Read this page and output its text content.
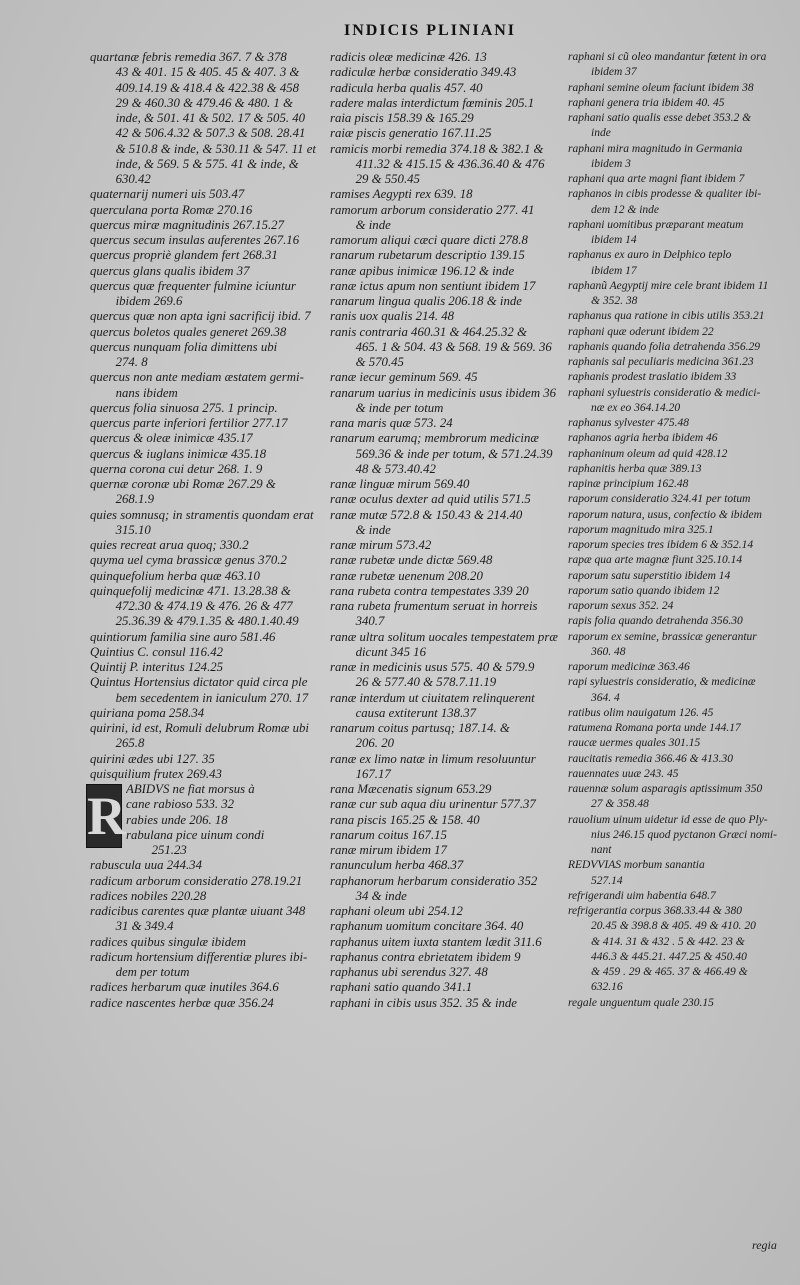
INDICIS PLINIANI
quartanæ febris remedia 367. 7 & 378
  43 & 401. 15 & 405. 45 & 407. 3 &
  409.14.19 & 418.4 & 422.38 & 458
  29 & 460.30 & 479.46 & 480. 1 &
  inde, & 501. 41 & 502. 17 & 505. 40
  42 & 506.4.32 & 507.3 & 508. 28.41
  & 510.8 & inde, & 530.11 & 547. 11 et
  inde, & 569. 5 & 575. 41 & inde, &
  630.42
quaternarij numeri uis 503.47
querculana porta Romæ 270.16
quercus miræ magnitudinis 267.15.27
quercus secum insulas auferentes 267.16
quercus propriè glandem fert 268.31
quercus glans qualis ibidem 37
quercus quæ frequenter fulmine iciuntur
  ibidem 269.6
quercus quæ non apta igni sacrificij ibid. 7
quercus boletos quales generet 269.38
quercus nunquam folia dimittens ubi
  274. 8
quercus non ante mediam æstatem germi-
  nans ibidem
quercus folia sinuosa 275. 1 princip.
quercus parte inferiori fertilior 277.17
quercus & oleæ inimicæ 435.17
quercus & iuglans inimicæ 435.18
querna corona cui detur 268. 1. 9
quernæ coronæ ubi Romæ 267.29 &
  268.1.9
quies somnusq; in stramentis quondam erat
  315.10
quies recreat arua quoq; 330.2
quyma uel cyma brassicæ genus 370.2
quinquefolium herba quæ 463.10
quinquefolij medicinæ 471. 13.28.38 &
  472.30 & 474.19 & 476. 26 & 477
  25.36.39 & 479.1.35 & 480.1.40.49
quintiorum familia sine auro 581.46
Quintius C. consul 116.42
Quintij P. interitus 124.25
Quintus Hortensius dictator quid circa ple
  bem secedentem in ianiculum 270. 17
quiriana poma 258.34
quirini, id est, Romuli delubrum Romæ ubi
  265.8
quirini ædes ubi 127. 35
quisquilium frutex 269.43
R ABIDVS ne fiat morsus à
cane rabioso 533. 32
rabies unde 206. 18
rabulana pice uinum condi
  251.23
rabuscula uua 244.34
radicum arborum consideratio 278.19.21
radices nobiles 220.28
radicibus carentes quæ plantæ uiuant 348
  31 & 349.4
radices quibus singulæ ibidem
radicum hortensium differentiæ plures ibi-
  dem per totum
radices herbarum quæ inutiles 364.6
radice nascentes herbæ quæ 356.24
radicis oleæ medicinæ 426. 13
radiculæ herbæ consideratio 349.43
radicula herba qualis 457. 40
radere malas interdictum fœminis 205.1
raia piscis 158.39 & 165.29
raiæ piscis generatio 167.11.25
ramicis morbi remedia 374.18 & 382.1 &
  411.32 & 415.15 & 436.36.40 & 476
  29 & 550.45
ramises Aegypti rex 639. 18
ramorum arborum consideratio 277. 41
  & inde
ramorum aliqui cæci quare dicti 278.8
ranarum rubetarum descriptio 139.15
ranæ apibus inimicæ 196.12 & inde
ranæ ictus apum non sentiunt ibidem 17
ranarum lingua qualis 206.18 & inde
ranis uox qualis 214. 48
ranis contraria 460.31 & 464.25.32 &
  465. 1 & 504. 43 & 568. 19 & 569. 36
  & 570.45
ranæ iecur geminum 569. 45
ranarum uarius in medicinis usus ibidem 36
  & inde per totum
rana maris quæ 573. 24
ranarum earumq; membrorum medicinæ
  569.36 & inde per totum, & 571.24.39
  48 & 573.40.42
ranæ linguæ mirum 569.40
ranæ oculus dexter ad quid utilis 571.5
ranæ mutæ 572.8 & 150.43 & 214.40
  & inde
ranæ mirum 573.42
ranæ rubetæ unde dictæ 569.48
ranæ rubetæ uenenum 208.20
rana rubeta contra tempestates 339 20
rana rubeta frumentum seruat in horreis
  340.7
ranæ ultra solitum uocales tempestatem præ
  dicunt 345 16
ranæ in medicinis usus 575. 40 & 579.9
  26 & 577.40 & 578.7.11.19
ranæ interdum ut ciuitatem relinquerent
  causa extiterunt 138.37
ranarum coitus partusq; 187.14. &
  206. 20
ranæ ex limo natæ in limum resoluuntur
  167.17
rana Mæcenatis signum 653.29
ranæ cur sub aqua diu urinentur 577.37
rana piscis 165.25 & 158. 40
ranarum coitus 167.15
ranæ mirum ibidem 17
ranunculum herba 468.37
raphanorum herbarum consideratio 352
  34 & inde
raphani oleum ubi 254.12
raphanum uomitum concitare 364. 40
raphanus uitem iuxta stantem lædit 311.6
raphanus contra ebrietatem ibidem 9
raphanus ubi serendus 327. 48
raphani satio quando 341.1
raphani in cibis usus 352. 35 & inde
raphani si cũ oleo mandantur fœtent in ora
  ibidem 37
raphani semine oleum faciunt ibidem 38
raphani genera tria ibidem 40. 45
raphani satio qualis esse debet 353.2 &
  inde
raphani mira magnitudo in Germania
  ibidem 3
raphani qua arte magni fiant ibidem 7
raphanos in cibis prodesse & qualiter ibi-
  dem 12 & inde
raphani uomitibus præparant meatum
  ibidem 14
raphanus ex auro in Delphico teplo
  ibidem 17
raphanũ Aegyptij mire cele brant ibidem 11
  & 352. 38
raphanus qua ratione in cibis utilis 353.21
raphani quæ oderunt ibidem 22
raphanis quando folia detrahenda 356.29
raphanis sal peculiaris medicina 361.23
raphanis prodest traslatio ibidem 33
raphani syluestris consideratio & medici-
  næ ex eo 364.14.20
raphanus sylvester 475.48
raphanos agria herba ibidem 46
raphaninum oleum ad quid 428.12
raphanitis herba quæ 389.13
rapinæ principium 162.48
raporum consideratio 324.41 per totum
raporum natura, usus, confectio & ibidem
raporum magnitudo mira 325.1
raporum species tres ibidem 6 & 352.14
rapæ qua arte magnæ fiunt 325.10.14
raporum satu superstitio ibidem 14
raporum satio quando ibidem 12
raporum sexus 352. 24
rapis folia quando detrahenda 356.30
raporum ex semine, brassicæ generantur
  360. 48
raporum medicinæ 363.46
rapi syluestris consideratio, & medicinæ
  364. 4
ratibus olim nauigatum 126. 45
ratumena Romana porta unde 144.17
raucæ uermes quales 301.15
raucitatis remedia 366.46 & 413.30
rauennates uuæ 243. 45
rauennæ solum asparagis aptissimum 350
  27 & 358.48
rauolium uinum uidetur id esse de quo Ply-
  nius 246.15 quod pyctanon Græci nomi-
  nant
REDVVIAS morbum sanantia
  527.14
refrigerandi uim habentia 648.7
refrigerantia corpus 368.33.44 & 380
  20.45 & 398.8 & 405. 49 & 410. 20
  & 414. 31 & 432 . 5 & 442. 23 &
  446.3 & 445.21. 447.25 & 450.40
  & 459 . 29 & 465. 37 & 466.49 &
  632.16
regale unguentum quale 230.15
regia
